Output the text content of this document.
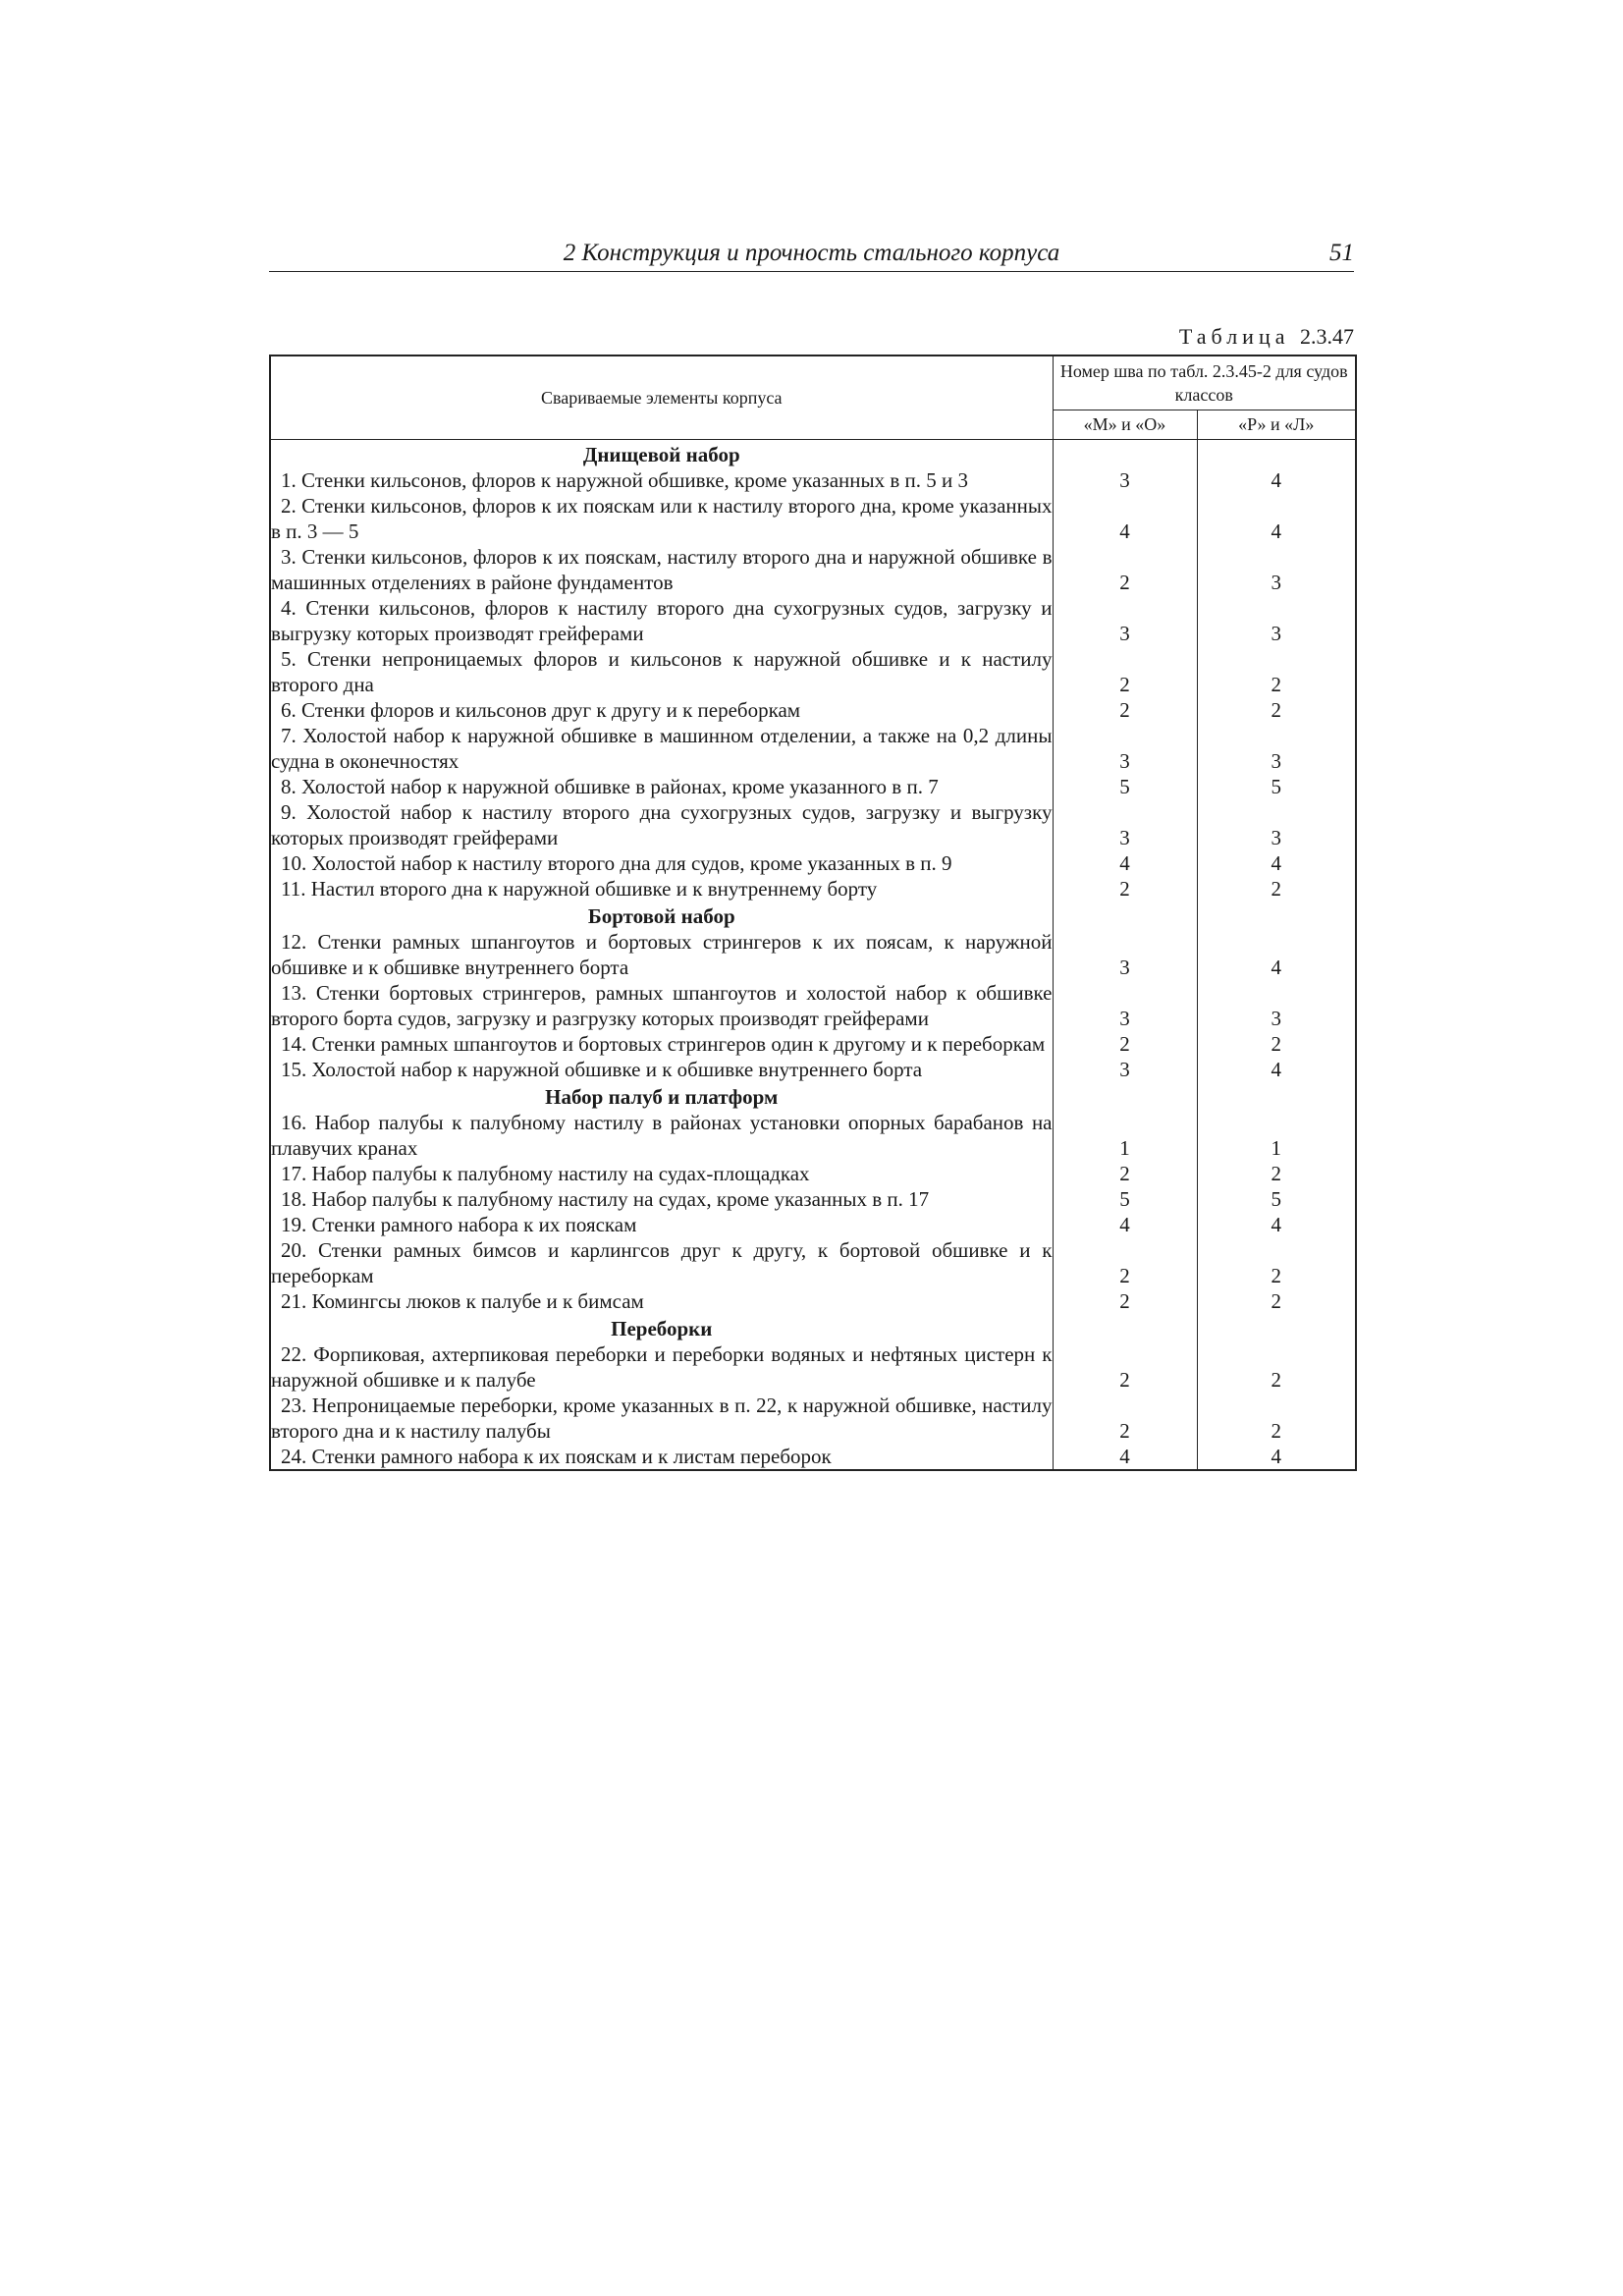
2 Конструкция и прочность стального корпуса	51
Таблица 2.3.47
Свариваемые элементы корпуса	Номер шва по табл. 2.3.45-2 для судов классов	
	«М» и «О»	«Р» и «Л»
Днищевой набор		
1. Стенки кильсонов, флоров к наружной обшивке, кроме указанных в п. 5 и 3	3	4
2. Стенки кильсонов, флоров к их пояскам или к настилу второго дна, кроме указанных в п. 3 — 5	4	4
3. Стенки кильсонов, флоров к их пояскам, настилу второго дна и наружной обшивке в машинных отделениях в районе фундаментов	2	3
4. Стенки кильсонов, флоров к настилу второго дна сухогрузных судов, загрузку и выгрузку которых производят грейферами	3	3
5. Стенки непроницаемых флоров и кильсонов к наружной обшивке и к настилу второго дна	2	2
6. Стенки флоров и кильсонов друг к другу и к переборкам	2	2
7. Холостой набор к наружной обшивке в машинном отделении, а также на 0,2 длины судна в оконечностях	3	3
8. Холостой набор к наружной обшивке в районах, кроме указанного в п. 7	5	5
9. Холостой набор к настилу второго дна сухогрузных судов, загрузку и выгрузку которых производят грейферами	3	3
10. Холостой набор к настилу второго дна для судов, кроме указанных в п. 9	4	4
11. Настил второго дна к наружной обшивке и к внутреннему борту	2	2
Бортовой набор		
12. Стенки рамных шпангоутов и бортовых стрингеров к их поясам, к наружной обшивке и к обшивке внутреннего борта	3	4
13. Стенки бортовых стрингеров, рамных шпангоутов и холостой набор к обшивке второго борта судов, загрузку и разгрузку которых производят грейферами	3	3
14. Стенки рамных шпангоутов и бортовых стрингеров один к другому и к переборкам	2	2
15. Холостой набор к наружной обшивке и к обшивке внутреннего борта	3	4
Набор палуб и платформ		
16. Набор палубы к палубному настилу в районах установки опорных барабанов на плавучих кранах	1	1
17. Набор палубы к палубному настилу на судах-площадках	2	2
18. Набор палубы к палубному настилу на судах, кроме указанных в п. 17	5	5
19. Стенки рамного набора к их пояскам	4	4
20. Стенки рамных бимсов и карлингсов друг к другу, к бортовой обшивке и к переборкам	2	2
21. Комингсы люков к палубе и к бимсам	2	2
Переборки		
22. Форпиковая, ахтерпиковая переборки и переборки водяных и нефтяных цистерн к наружной обшивке и к палубе	2	2
23. Непроницаемые переборки, кроме указанных в п. 22, к наружной обшивке, настилу второго дна и к настилу палубы	2	2
24. Стенки рамного набора к их пояскам и к листам переборок	4	4
